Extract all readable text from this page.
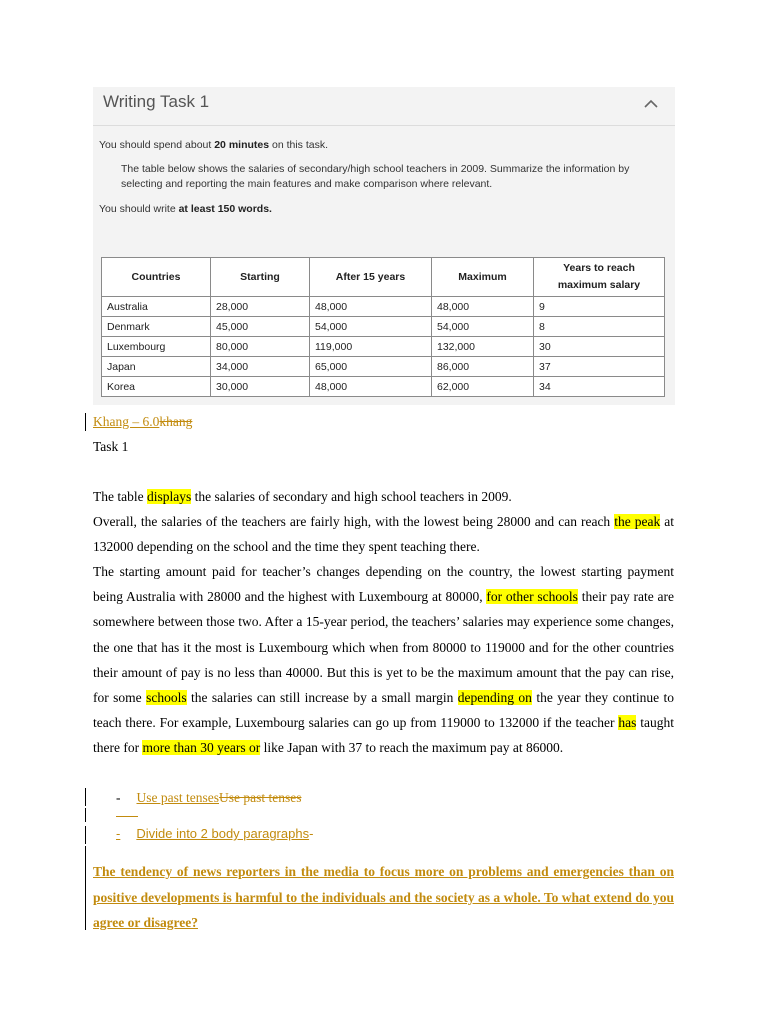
Writing Task 1
You should spend about 20 minutes on this task.
The table below shows the salaries of secondary/high school teachers in 2009. Summarize the information by
selecting and reporting the main features and make comparison where relevant.
You should write at least 150 words.
Countries	Starting	After 15 years	Maximum	Years to reach maximum salary
Australia	28,000	48,000	48,000	9
Denmark	45,000	54,000	54,000	8
Luxembourg	80,000	119,000	132,000	30
Japan	34,000	65,000	86,000	37
Korea	30,000	48,000	62,000	34
Khang – 6.0khang
Task 1
The table displays the salaries of secondary and high school teachers in 2009.
Overall, the salaries of the teachers are fairly high, with the lowest being 28000 and can reach the peak at 132000 depending on the school and the time they spent teaching there.
The starting amount paid for teacher’s changes depending on the country, the lowest starting payment being Australia with 28000 and the highest with Luxembourg at 80000, for other schools their pay rate are somewhere between those two. After a 15-year period, the teachers’ salaries may experience some changes, the one that has it the most is Luxembourg which when from 80000 to 119000 and for the other countries their amount of pay is no less than 40000. But this is yet to be the maximum amount that the pay can rise, for some schools the salaries can still increase by a small margin depending on the year they continue to teach there. For example, Luxembourg salaries can go up from 119000 to 132000 if the teacher has taught there for more than 30 years or like Japan with 37 to reach the maximum pay at 86000.
- Use past tensesUse past tenses
- Divide into 2 body paragraphs-
The tendency of news reporters in the media to focus more on problems and emergencies than on positive developments is harmful to the individuals and the society as a whole. To what extend do you agree or disagree?
